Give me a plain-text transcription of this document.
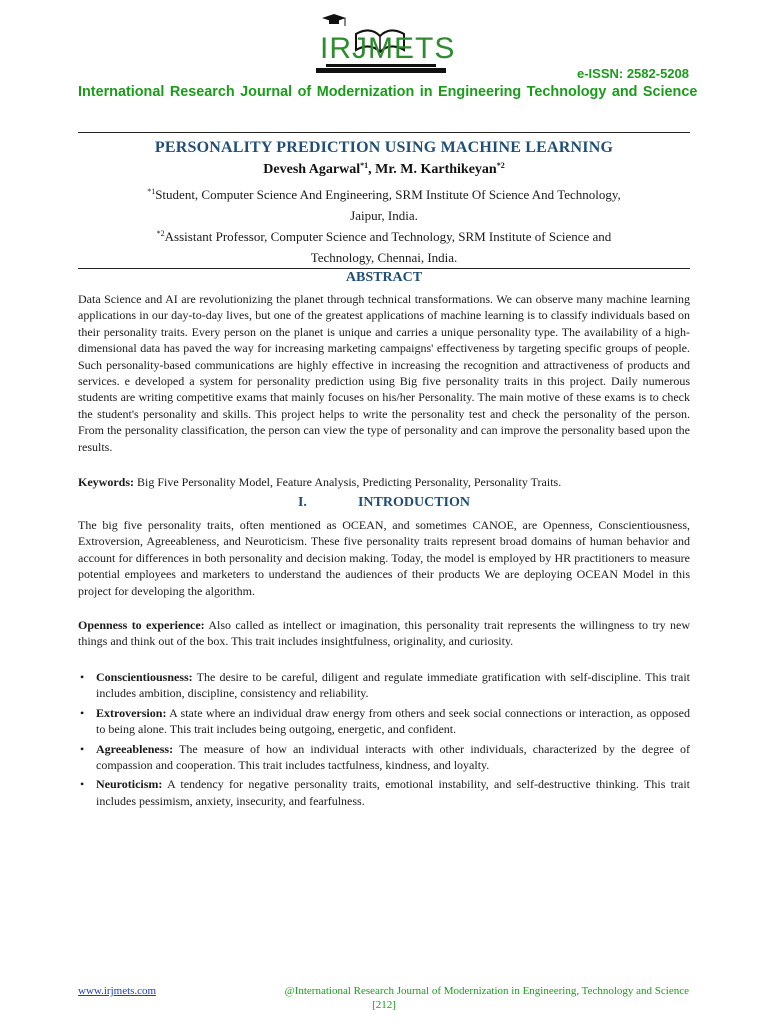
IRJMETS
e-ISSN: 2582-5208
International Research Journal of Modernization in Engineering Technology and Science
PERSONALITY PREDICTION USING MACHINE LEARNING
Devesh Agarwal$^{*1}$, Mr. M. Karthikeyan$^{*2}$
$^{*1}$Student, Computer Science And Engineering, SRM Institute Of Science And Technology,
Jaipur, India.
$^{*2}$Assistant Professor, Computer Science and Technology, SRM Institute of Science and
Technology, Chennai, India.
ABSTRACT

Data Science and AI are revolutionizing the planet through technical transformations. We can observe many machine learning applications in our day-to-day lives, but one of the greatest applications of machine learning is to classify individuals based on their personality traits. Every person on the planet is unique and carries a unique personality type. The availability of a high- dimensional data has paved the way for increasing marketing campaigns' effectiveness by targeting specific groups of people. Such personality-based communications are highly effective in increasing the recognition and attractiveness of products and services. e developed a system for personality prediction using Big five personality traits in this project. Daily numerous students are writing competitive exams that mainly focuses on his/her Personality. The main motive of these exams is to check the student's personality and skills. This project helps to write the personality test and check the personality of the person. From the personality classification, the person can view the type of personality and can improve the personality based upon the results.

Keywords: Big Five Personality Model, Feature Analysis, Predicting Personality, Personality Traits.

I.	INTRODUCTION

The big five personality traits, often mentioned as OCEAN, and sometimes CANOE, are Openness, Conscientiousness, Extroversion, Agreeableness, and Neuroticism. These five personality traits represent broad domains of human behavior and account for differences in both personality and decision making. Today, the model is employed by HR practitioners to measure potential employees and marketers to understand the audiences of their products We are deploying OCEAN Model in this project for developing the algorithm.

Openness to experience: Also called as intellect or imagination, this personality trait represents the willingness to try new things and think out of the box. This trait includes insightfulness, originality, and curiosity.

• Conscientiousness: The desire to be careful, diligent and regulate immediate gratification with self-discipline. This trait includes ambition, discipline, consistency and reliability.
• Extroversion: A state where an individual draw energy from others and seek social connections or interaction, as opposed to being alone. This trait includes being outgoing, energetic, and confident.
• Agreeableness: The measure of how an individual interacts with other individuals, characterized by the degree of compassion and cooperation. This trait includes tactfulness, kindness, and loyalty.
• Neuroticism: A tendency for negative personality traits, emotional instability, and self-destructive thinking. This trait includes pessimism, anxiety, insecurity, and fearfulness.
www.irjmets.com	@International Research Journal of Modernization in Engineering, Technology and Science
[212]
